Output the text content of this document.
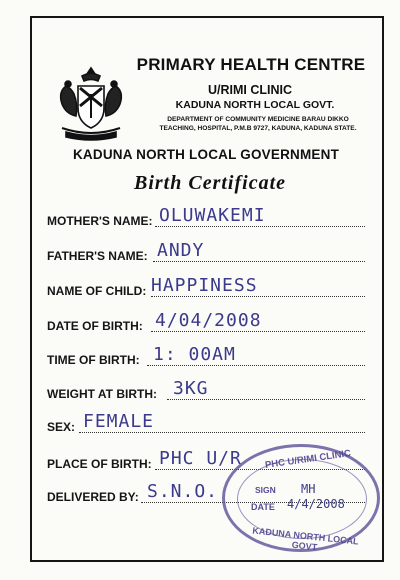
PRIMARY HEALTH CENTRE
U/RIMI CLINIC
KADUNA NORTH LOCAL GOVT.
DEPARTMENT OF COMMUNITY MEDICINE BARAU DIKKO
TEACHING, HOSPITAL, P.M.B 9727, KADUNA, KADUNA STATE.
KADUNA NORTH LOCAL GOVERNMENT
Birth Certificate
MOTHER'S NAME: OLUWAKEMI
FATHER'S NAME: ANDY
NAME OF CHILD: HAPPINESS
DATE OF BIRTH: 4/04/2008
TIME OF BIRTH: 1: 00AM
WEIGHT AT BIRTH: 3KG
SEX: FEMALE
PLACE OF BIRTH: PHC U/R
DELIVERED BY: S.N.O.
PHC U/RIMI CLINIC
SIGN MH
DATE 4/4/2008
KADUNA NORTH LOCAL GOVT
